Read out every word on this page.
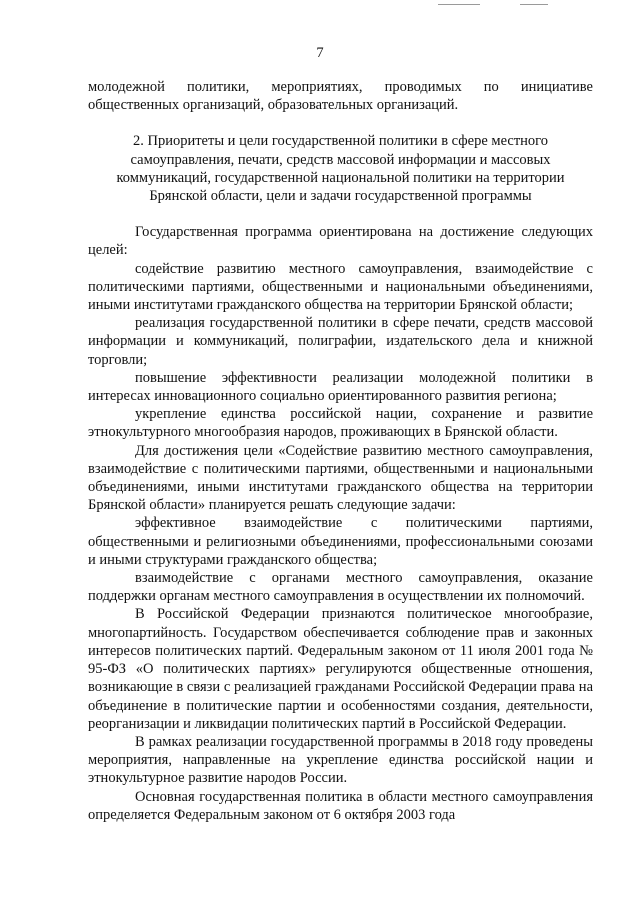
7

молодежной политики, мероприятиях, проводимых по инициативе общественных организаций, образовательных организаций.

2. Приоритеты и цели государственной политики в сфере местного
самоуправления, печати, средств массовой информации и массовых
коммуникаций, государственной национальной политики на территории
Брянской области, цели и задачи государственной программы

Государственная программа ориентирована на достижение следующих целей:

содействие развитию местного самоуправления, взаимодействие с политическими партиями, общественными и национальными объединениями, иными институтами гражданского общества на территории Брянской области;

реализация государственной политики в сфере печати, средств массовой информации и коммуникаций, полиграфии, издательского дела и книжной торговли;

повышение эффективности реализации молодежной политики в интересах инновационного социально ориентированного развития региона;

укрепление единства российской нации, сохранение и развитие этнокультурного многообразия народов, проживающих в Брянской области.

Для достижения цели «Содействие развитию местного самоуправления, взаимодействие с политическими партиями, общественными и национальными объединениями, иными институтами гражданского общества на территории Брянской области» планируется решать следующие задачи:

эффективное взаимодействие с политическими партиями, общественными и религиозными объединениями, профессиональными союзами и иными структурами гражданского общества;

взаимодействие с органами местного самоуправления, оказание поддержки органам местного самоуправления в осуществлении их полномочий.

В Российской Федерации признаются политическое многообразие, многопартийность. Государством обеспечивается соблюдение прав и законных интересов политических партий. Федеральным законом от 11 июля 2001 года № 95-ФЗ «О политических партиях» регулируются общественные отношения, возникающие в связи с реализацией гражданами Российской Федерации права на объединение в политические партии и особенностями создания, деятельности, реорганизации и ликвидации политических партий в Российской Федерации.

В рамках реализации государственной программы в 2018 году проведены мероприятия, направленные на укрепление единства российской нации и этнокультурное развитие народов России.

Основная государственная политика в области местного самоуправления определяется Федеральным законом от 6 октября 2003 года
